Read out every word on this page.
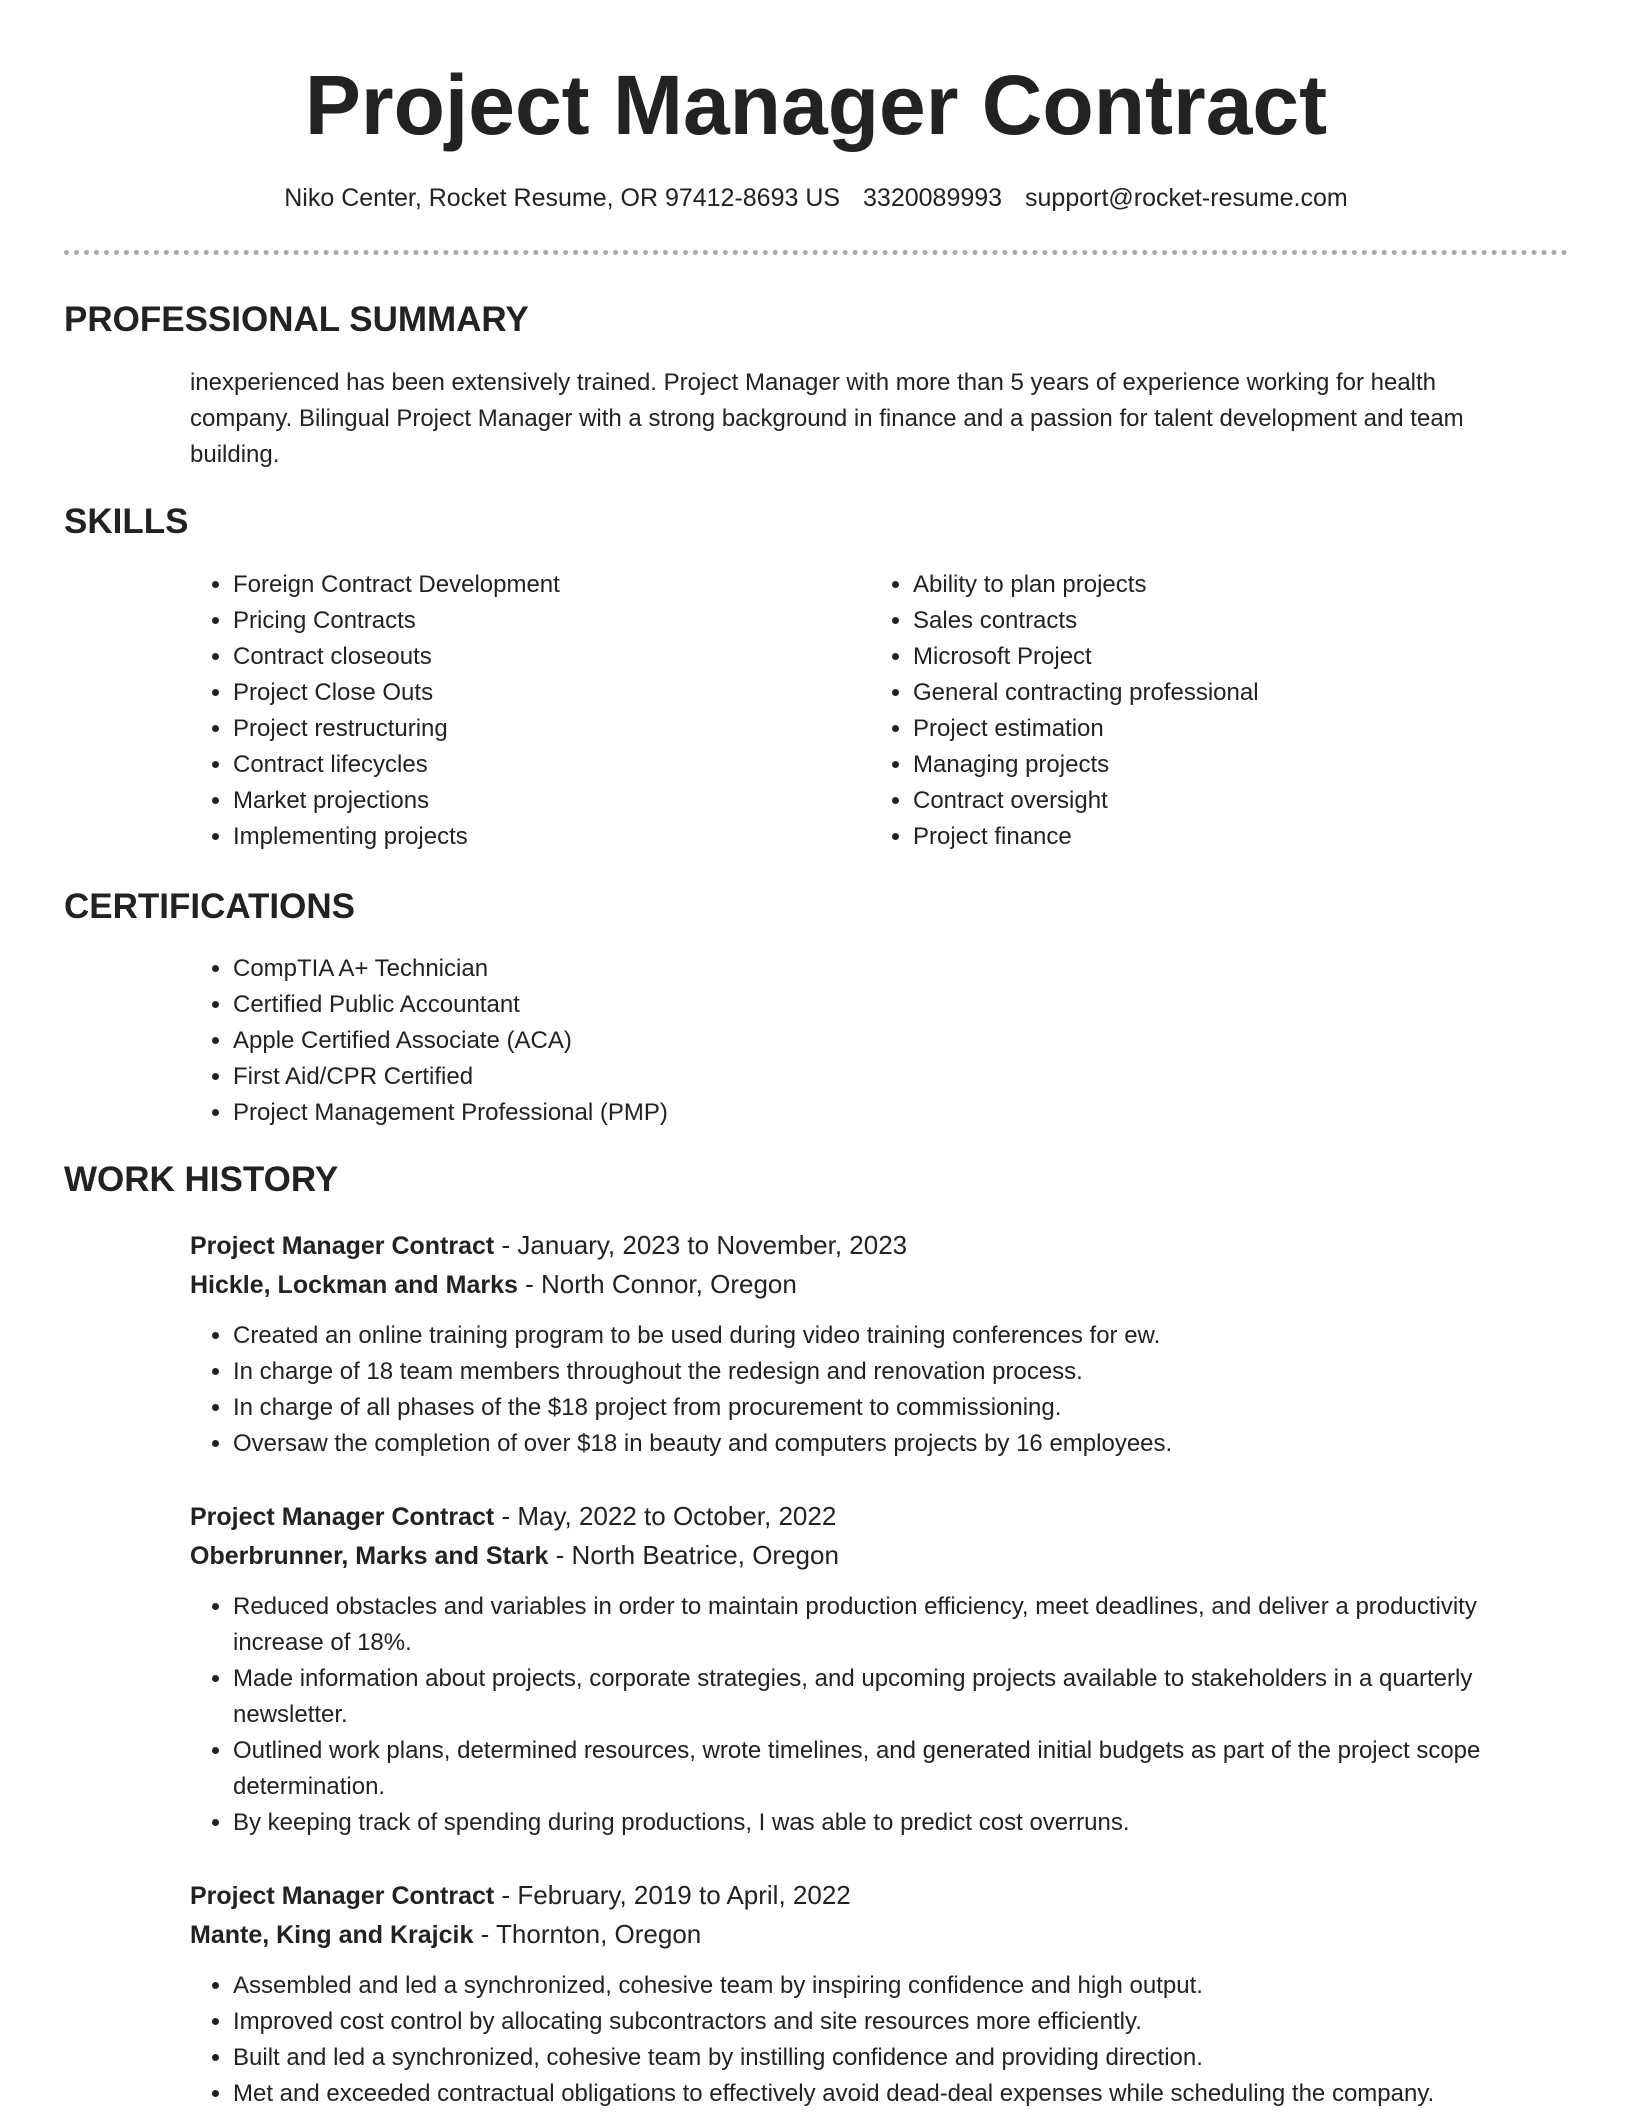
Project Manager Contract
Niko Center, Rocket Resume, OR 97412-8693 US 3320089993 support@rocket-resume.com
PROFESSIONAL SUMMARY

inexperienced has been extensively trained. Project Manager with more than 5 years of experience working for health company. Bilingual Project Manager with a strong background in finance and a passion for talent development and team building.

SKILLS
• Foreign Contract Development
• Pricing Contracts
• Contract closeouts
• Project Close Outs
• Project restructuring
• Contract lifecycles
• Market projections
• Implementing projects
• Ability to plan projects
• Sales contracts
• Microsoft Project
• General contracting professional
• Project estimation
• Managing projects
• Contract oversight
• Project finance
CERTIFICATIONS
• CompTIA A+ Technician
• Certified Public Accountant
• Apple Certified Associate (ACA)
• First Aid/CPR Certified
• Project Management Professional (PMP)
WORK HISTORY
Project Manager Contract - January, 2023 to November, 2023
Hickle, Lockman and Marks - North Connor, Oregon
• Created an online training program to be used during video training conferences for ew.
• In charge of 18 team members throughout the redesign and renovation process.
• In charge of all phases of the $18 project from procurement to commissioning.
• Oversaw the completion of over $18 in beauty and computers projects by 16 employees.
Project Manager Contract - May, 2022 to October, 2022
Oberbrunner, Marks and Stark - North Beatrice, Oregon
• Reduced obstacles and variables in order to maintain production efficiency, meet deadlines, and deliver a productivity increase of 18%.
• Made information about projects, corporate strategies, and upcoming projects available to stakeholders in a quarterly newsletter.
• Outlined work plans, determined resources, wrote timelines, and generated initial budgets as part of the project scope determination.
• By keeping track of spending during productions, I was able to predict cost overruns.
Project Manager Contract - February, 2019 to April, 2022
Mante, King and Krajcik - Thornton, Oregon
• Assembled and led a synchronized, cohesive team by inspiring confidence and high output.
• Improved cost control by allocating subcontractors and site resources more efficiently.
• Built and led a synchronized, cohesive team by instilling confidence and providing direction.
• Met and exceeded contractual obligations to effectively avoid dead-deal expenses while scheduling the company.
